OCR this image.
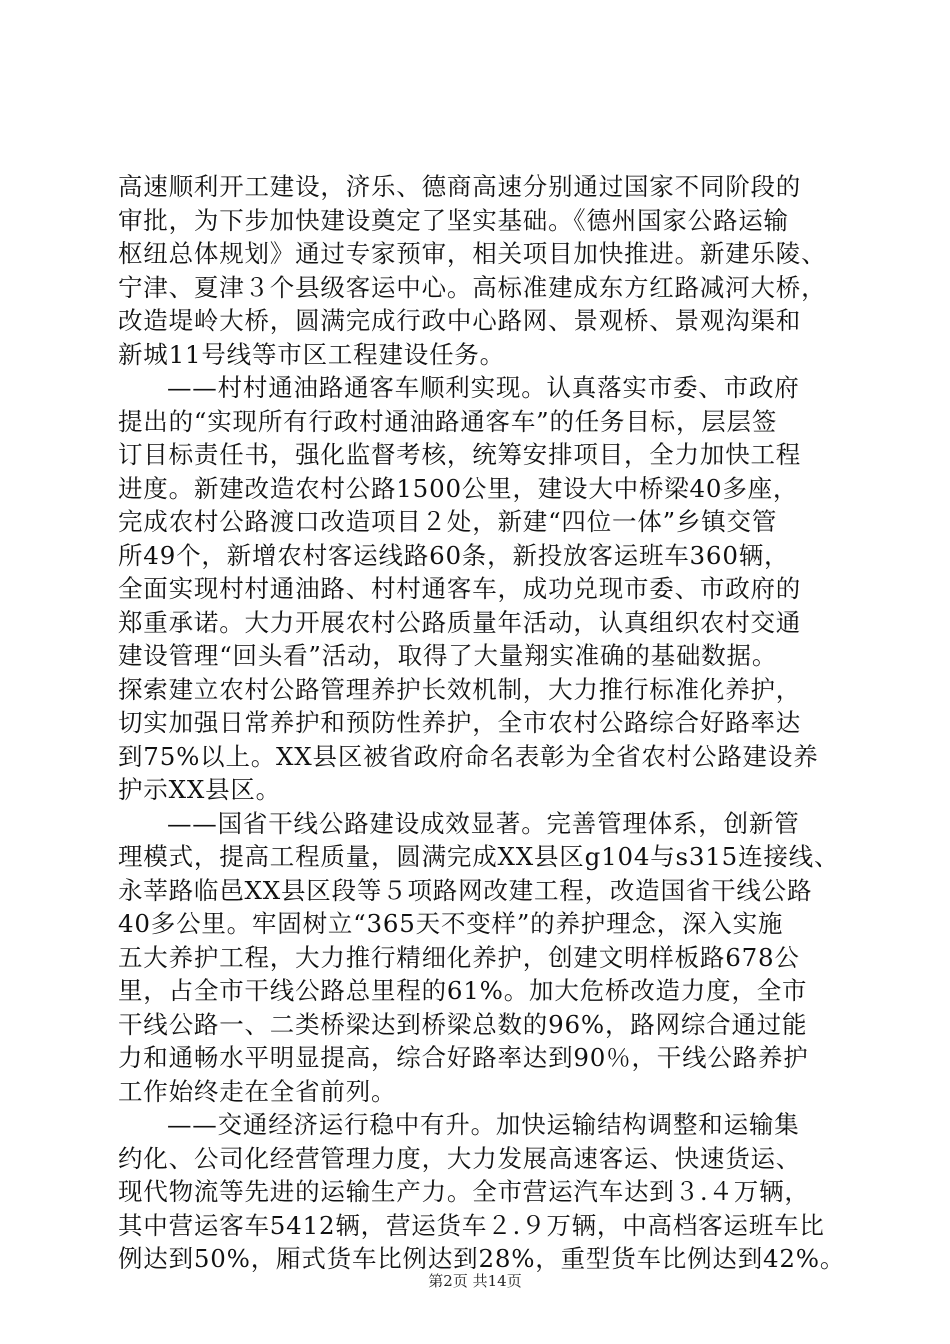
高速顺利开工建设，济乐、德商高速分别通过国家不同阶段的
审批，为下步加快建设奠定了坚实基础。《德州国家公路运输
枢纽总体规划》通过专家预审，相关项目加快推进。新建乐陵、
宁津、夏津３个县级客运中心。高标准建成东方红路减河大桥，
改造堤岭大桥，圆满完成行政中心路网、景观桥、景观沟渠和
新城11号线等市区工程建设任务。
——村村通油路通客车顺利实现。认真落实市委、市政府
提出的“实现所有行政村通油路通客车”的任务目标，层层签
订目标责任书，强化监督考核，统筹安排项目，全力加快工程
进度。新建改造农村公路1500公里，建设大中桥梁40多座，
完成农村公路渡口改造项目２处，新建“四位一体”乡镇交管
所49个，新增农村客运线路60条，新投放客运班车360辆，
全面实现村村通油路、村村通客车，成功兑现市委、市政府的
郑重承诺。大力开展农村公路质量年活动，认真组织农村交通
建设管理“回头看”活动，取得了大量翔实准确的基础数据。
探索建立农村公路管理养护长效机制，大力推行标准化养护，
切实加强日常养护和预防性养护，全市农村公路综合好路率达
到75%以上。XX县区被省政府命名表彰为全省农村公路建设养
护示XX县区。
——国省干线公路建设成效显著。完善管理体系，创新管
理模式，提高工程质量，圆满完成XX县区g104与s315连接线、
永莘路临邑XX县区段等５项路网改建工程，改造国省干线公路
40多公里。牢固树立“365天不变样”的养护理念，深入实施
五大养护工程，大力推行精细化养护，创建文明样板路678公
里，占全市干线公路总里程的61%。加大危桥改造力度，全市
干线公路一、二类桥梁达到桥梁总数的96%，路网综合通过能
力和通畅水平明显提高，综合好路率达到90％，干线公路养护
工作始终走在全省前列。
——交通经济运行稳中有升。加快运输结构调整和运输集
约化、公司化经营管理力度，大力发展高速客运、快速货运、
现代物流等先进的运输生产力。全市营运汽车达到３.４万辆，
其中营运客车5412辆，营运货车２.９万辆，中高档客运班车比
例达到50%，厢式货车比例达到28%，重型货车比例达到42%。
第2页 共14页
